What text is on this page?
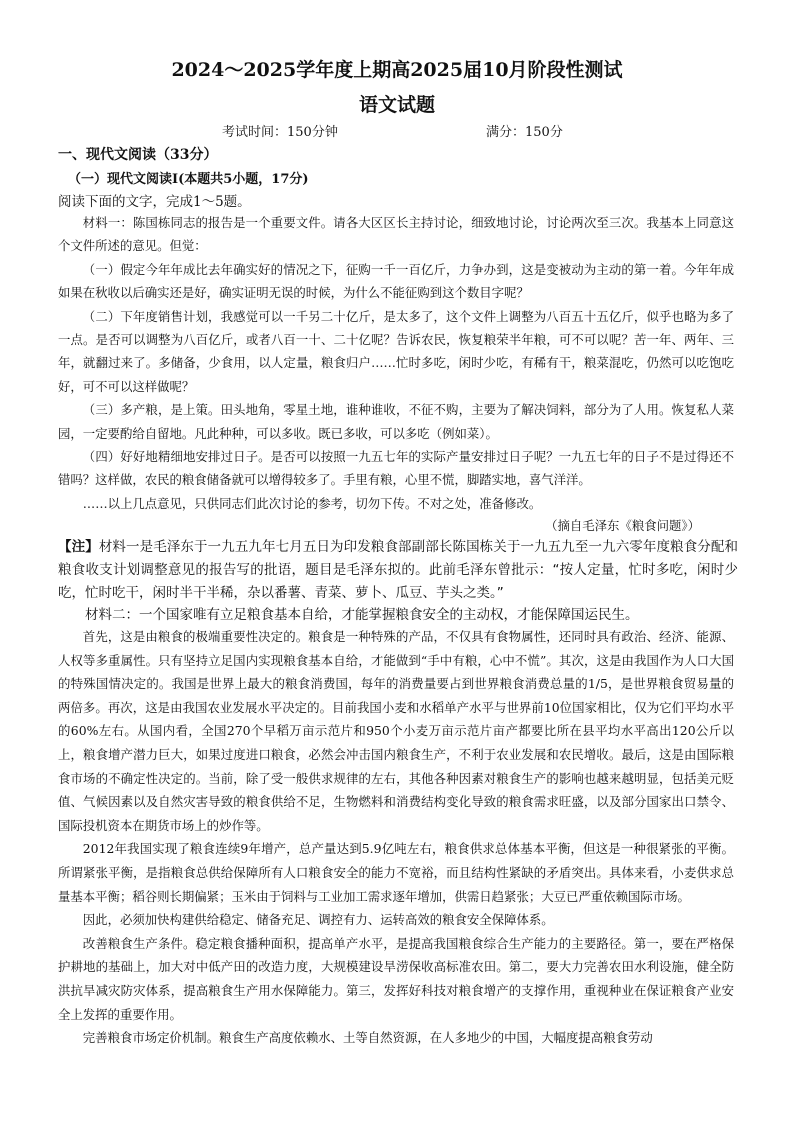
2024～2025学年度上期高2025届10月阶段性测试
语文试题
考试时间：150分钟	满分：150分
一、现代文阅读（33分）
（一）现代文阅读Ⅰ(本题共5小题，17分)
阅读下面的文字，完成1～5题。

材料一：陈国栋同志的报告是一个重要文件。请各大区区长主持讨论，细致地讨论，讨论两次至三次。我基本上同意这个文件所述的意见。但觉：

（一）假定今年年成比去年确实好的情况之下，征购一千一百亿斤，力争办到，这是变被动为主动的第一着。今年年成如果在秋收以后确实还是好，确实证明无误的时候，为什么不能征购到这个数目字呢？

（二）下年度销售计划，我感觉可以一千另二十亿斤，是太多了，这个文件上调整为八百五十五亿斤，似乎也略为多了一点。是否可以调整为八百亿斤，或者八百一十、二十亿呢？告诉农民，恢复粮荣半年粮，可不可以呢？苦一年、两年、三年，就翻过来了。多储备，少食用，以人定量，粮食归户……忙时多吃，闲时少吃，有稀有干，粮菜混吃，仍然可以吃饱吃好，可不可以这样做呢？

（三）多产粮，是上策。田头地角，零星土地，谁种谁收，不征不购，主要为了解决饲料，部分为了人用。恢复私人菜园，一定要酌给自留地。凡此种种，可以多收。既已多收，可以多吃（例如菜）。

（四）好好地精细地安排过日子。是否可以按照一九五七年的实际产量安排过日子呢？一九五七年的日子不是过得还不错吗？这样做，农民的粮食储备就可以增得较多了。手里有粮，心里不慌，脚踏实地，喜气洋洋。

……以上几点意见，只供同志们此次讨论的参考，切勿下传。不对之处，准备修改。

（摘自毛泽东《粮食问题》）
【注】材料一是毛泽东于一九五九年七月五日为印发粮食部副部长陈国栋关于一九五九至一九六零年度粮食分配和粮食收支计划调整意见的报告写的批语，题目是毛泽东拟的。此前毛泽东曾批示：“按人定量，忙时多吃，闲时少吃，忙时吃干，闲时半干半稀，杂以番薯、青菜、萝卜、瓜豆、芋头之类。”
材料二：一个国家唯有立足粮食基本自给，才能掌握粮食安全的主动权，才能保障国运民生。

首先，这是由粮食的极端重要性决定的。粮食是一种特殊的产品，不仅具有食物属性，还同时具有政治、经济、能源、人权等多重属性。只有坚持立足国内实现粮食基本自给，才能做到“手中有粮，心中不慌”。其次，这是由我国作为人口大国的特殊国情决定的。我国是世界上最大的粮食消费国，每年的消费量要占到世界粮食消费总量的1/5，是世界粮食贸易量的两倍多。再次，这是由我国农业发展水平决定的。目前我国小麦和水稻单产水平与世界前10位国家相比，仅为它们平均水平的60%左右。从国内看，全国270个早稻万亩示范片和950个小麦万亩示范片亩产都要比所在县平均水平高出120公斤以上，粮食增产潜力巨大，如果过度进口粮食，必然会冲击国内粮食生产，不利于农业发展和农民增收。最后，这是由国际粮食市场的不确定性决定的。当前，除了受一般供求规律的左右，其他各种因素对粮食生产的影响也越来越明显，包括美元贬值、气候因素以及自然灾害导致的粮食供给不足，生物燃料和消费结构变化导致的粮食需求旺盛，以及部分国家出口禁令、国际投机资本在期货市场上的炒作等。

2012年我国实现了粮食连续9年增产，总产量达到5.9亿吨左右，粮食供求总体基本平衡，但这是一种很紧张的平衡。所谓紧张平衡，是指粮食总供给保障所有人口粮食安全的能力不宽裕，而且结构性紧缺的矛盾突出。具体来看，小麦供求总量基本平衡；稻谷则长期偏紧；玉米由于饲料与工业加工需求逐年增加，供需日趋紧张；大豆已严重依赖国际市场。

因此，必须加快构建供给稳定、储备充足、调控有力、运转高效的粮食安全保障体系。

改善粮食生产条件。稳定粮食播种面积，提高单产水平，是提高我国粮食综合生产能力的主要路径。第一，要在严格保护耕地的基础上，加大对中低产田的改造力度，大规模建设旱涝保收高标准农田。第二，要大力完善农田水利设施，健全防洪抗旱减灾防灾体系，提高粮食生产用水保障能力。第三，发挥好科技对粮食增产的支撑作用，重视种业在保证粮食产业安全上发挥的重要作用。

完善粮食市场定价机制。粮食生产高度依赖水、土等自然资源，在人多地少的中国，大幅度提高粮食劳动
